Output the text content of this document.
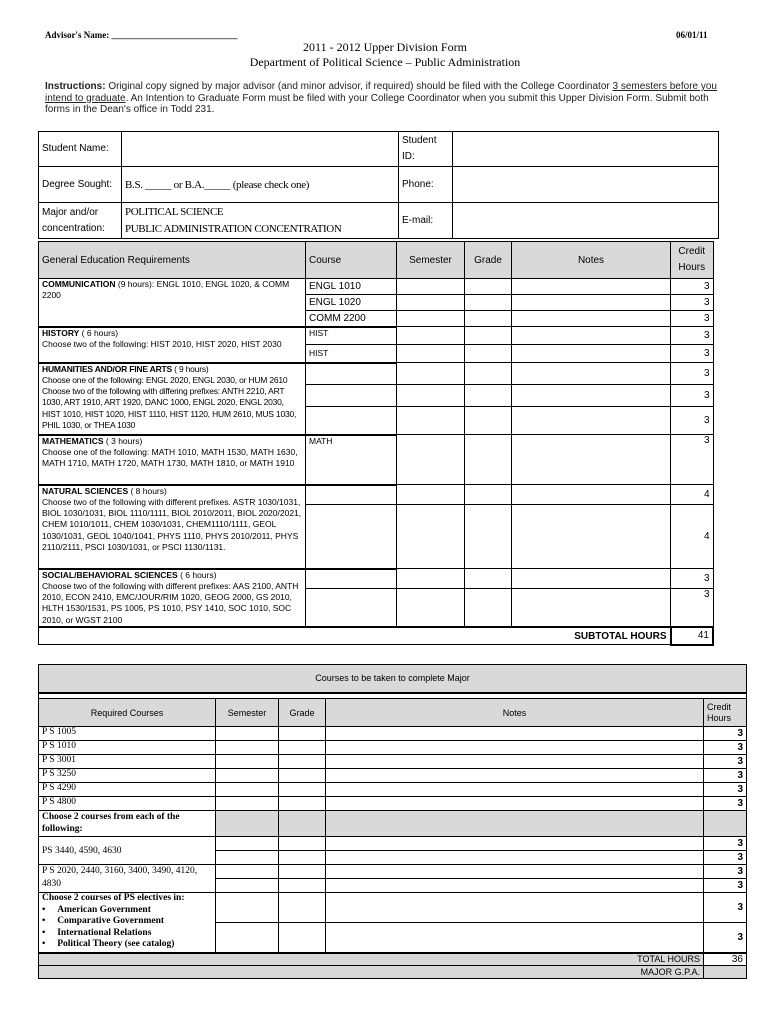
Advisor's Name: ____________________________	06/01/11
2011 - 2012 Upper Division Form
Department of Political Science – Public Administration
Instructions: Original copy signed by major advisor (and minor advisor, if required) should be filed with the College Coordinator 3 semesters before you intend to graduate. An Intention to Graduate Form must be filed with your College Coordinator when you submit this Upper Division Form. Submit both forms in the Dean's office in Todd 231.
Student Name:		Student ID:	
Degree Sought:	B.S. _____ or B.A._____ (please check one)	Phone:	
Major and/or concentration:	POLITICAL SCIENCE
PUBLIC ADMINISTRATION CONCENTRATION	E-mail:	
General Education Requirements	Course	Semester	Grade	Notes	Credit Hours
COMMUNICATION (9 hours): ENGL 1010, ENGL 1020, & COMM 2200	ENGL 1010				3
	ENGL 1020				3
	COMM 2200				3
HISTORY ( 6 hours)
Choose two of the following: HIST 2010, HIST 2020, HIST 2030	HIST				3
	HIST				3
HUMANITIES AND/OR FINE ARTS ( 9 hours)
Choose one of the following: ENGL 2020, ENGL 2030, or HUM 2610
Choose two of the following with differing prefixes: ANTH 2210, ART 1030, ART 1910, ART 1920, DANC 1000, ENGL 2020, ENGL 2030, HIST 1010, HIST 1020, HIST 1110, HIST 1120, HUM 2610, MUS 1030, PHIL 1030, or THEA 1030					3
					3
					3
MATHEMATICS ( 3 hours)
Choose one of the following: MATH 1010, MATH 1530, MATH 1630, MATH 1710, MATH 1720, MATH 1730, MATH 1810, or MATH 1910	MATH				3
NATURAL SCIENCES ( 8 hours)
Choose two of the following with different prefixes. ASTR 1030/1031, BIOL 1030/1031, BIOL 1110/1111, BIOL 2010/2011, BIOL 2020/2021, CHEM 1010/1011, CHEM 1030/1031, CHEM1110/1111, GEOL 1030/1031, GEOL 1040/1041, PHYS 1110, PHYS 2010/2011, PHYS 2110/2111, PSCI 1030/1031, or PSCI 1130/1131.					4
					4
SOCIAL/BEHAVIORAL SCIENCES ( 6 hours)
Choose two of the following with different prefixes: AAS 2100, ANTH 2010, ECON 2410, EMC/JOUR/RIM 1020, GEOG 2000, GS 2010, HLTH 1530/1531, PS 1005, PS 1010, PSY 1410, SOC 1010, SOC 2010, or WGST 2100					3
					3
SUBTOTAL HOURS					41
Courses to be taken to complete Major				

Required Courses	Semester	Grade	Notes	Credit Hours
P S 1005				3
P S 1010				3
P S 3001				3
P S 3250				3
P S 4290				3
P S 4800				3
Choose 2 courses from each of the following:				
PS 3440, 4590, 4630				3
				3
P S 2020, 2440, 3160, 3400, 3490, 4120, 4830				3
				3

Choose 2 courses of PS electives in:
•     American Government
•     Comparative Government
•     International Relations
•     Political Theory (see catalog)				3
				3
TOTAL HOURS				36
MAJOR G.P.A.				
